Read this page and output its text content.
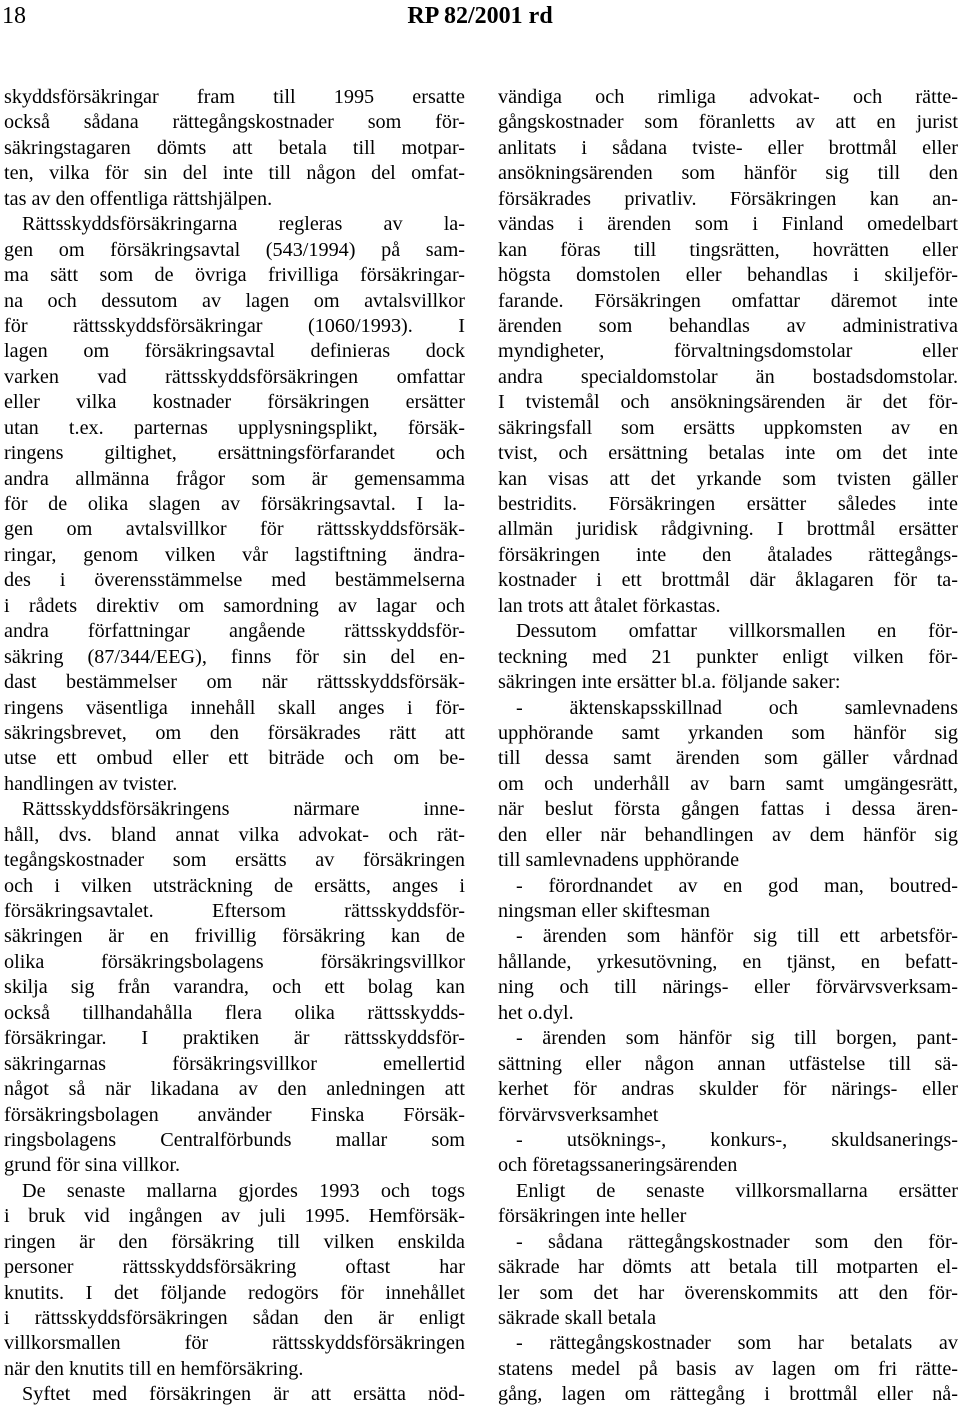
18	RP 82/2001 rd
skyddsförsäkringar fram till 1995 ersatte
också sådana rättegångskostnader som för-
säkringstagaren dömts att betala till motpar-
ten, vilka för sin del inte till någon del omfat-
tas av den offentliga rättshjälpen.
Rättsskyddsförsäkringarna regleras av la-
gen om försäkringsavtal (543/1994) på sam-
ma sätt som de övriga frivilliga försäkringar-
na och dessutom av lagen om avtalsvillkor
för rättsskyddsförsäkringar (1060/1993). I
lagen om försäkringsavtal definieras dock
varken vad rättsskyddsförsäkringen omfattar
eller vilka kostnader försäkringen ersätter
utan t.ex. parternas upplysningsplikt, försäk-
ringens giltighet, ersättningsförfarandet och
andra allmänna frågor som är gemensamma
för de olika slagen av försäkringsavtal. I la-
gen om avtalsvillkor för rättsskyddsförsäk-
ringar, genom vilken vår lagstiftning ändra-
des i överensstämmelse med bestämmelserna
i rådets direktiv om samordning av lagar och
andra författningar angående rättsskyddsför-
säkring (87/344/EEG), finns för sin del en-
dast bestämmelser om när rättsskyddsförsäk-
ringens väsentliga innehåll skall anges i för-
säkringsbrevet, om den försäkrades rätt att
utse ett ombud eller ett biträde och om be-
handlingen av tvister.
Rättsskyddsförsäkringens närmare inne-
håll, dvs. bland annat vilka advokat- och rät-
tegångskostnader som ersätts av försäkringen
och i vilken utsträckning de ersätts, anges i
försäkringsavtalet. Eftersom rättsskyddsför-
säkringen är en frivillig försäkring kan de
olika försäkringsbolagens försäkringsvillkor
skilja sig från varandra, och ett bolag kan
också tillhandahålla flera olika rättsskydds-
försäkringar. I praktiken är rättsskyddsför-
säkringarnas försäkringsvillkor emellertid
något så när likadana av den anledningen att
försäkringsbolagen använder Finska Försäk-
ringsbolagens Centralförbunds mallar som
grund för sina villkor.
De senaste mallarna gjordes 1993 och togs
i bruk vid ingången av juli 1995. Hemförsäk-
ringen är den försäkring till vilken enskilda
personer rättsskyddsförsäkring oftast har
knutits. I det följande redogörs för innehållet
i rättsskyddsförsäkringen sådan den är enligt
villkorsmallen för rättsskyddsförsäkringen
när den knutits till en hemförsäkring.
Syftet med försäkringen är att ersätta nöd-
vändiga och rimliga advokat- och rätte-
gångskostnader som föranletts av att en jurist
anlitats i sådana tviste- eller brottmål eller
ansökningsärenden som hänför sig till den
försäkrades privatliv. Försäkringen kan an-
vändas i ärenden som i Finland omedelbart
kan föras till tingsrätten, hovrätten eller
högsta domstolen eller behandlas i skiljeför-
farande. Försäkringen omfattar däremot inte
ärenden som behandlas av administrativa
myndigheter, förvaltningsdomstolar eller
andra specialdomstolar än bostadsdomstolar.
I tvistemål och ansökningsärenden är det för-
säkringsfall som ersätts uppkomsten av en
tvist, och ersättning betalas inte om det inte
kan visas att det yrkande som tvisten gäller
bestridits. Försäkringen ersätter således inte
allmän juridisk rådgivning. I brottmål ersätter
försäkringen inte den åtalades rättegångs-
kostnader i ett brottmål där åklagaren för ta-
lan trots att åtalet förkastas.
Dessutom omfattar villkorsmallen en för-
teckning med 21 punkter enligt vilken för-
säkringen inte ersätter bl.a. följande saker:
- äktenskapsskillnad och samlevnadens
upphörande samt yrkanden som hänför sig
till dessa samt ärenden som gäller vårdnad
om och underhåll av barn samt umgängesrätt,
när beslut första gången fattas i dessa ären-
den eller när behandlingen av dem hänför sig
till samlevnadens upphörande
- förordnandet av en god man, boutred-
ningsman eller skiftesman
- ärenden som hänför sig till ett arbetsför-
hållande, yrkesutövning, en tjänst, en befatt-
ning och till närings- eller förvärvsverksam-
het o.dyl.
- ärenden som hänför sig till borgen, pant-
sättning eller någon annan utfästelse till sä-
kerhet för andras skulder för närings- eller
förvärvsverksamhet
- utsöknings-, konkurs-, skuldsanerings-
och företagssaneringsärenden
Enligt de senaste villkorsmallarna ersätter
försäkringen inte heller
- sådana rättegångskostnader som den för-
säkrade har dömts att betala till motparten el-
ler som det har överenskommits att den för-
säkrade skall betala
- rättegångskostnader som har betalats av
statens medel på basis av lagen om fri rätte-
gång, lagen om rättegång i brottmål eller nå-
